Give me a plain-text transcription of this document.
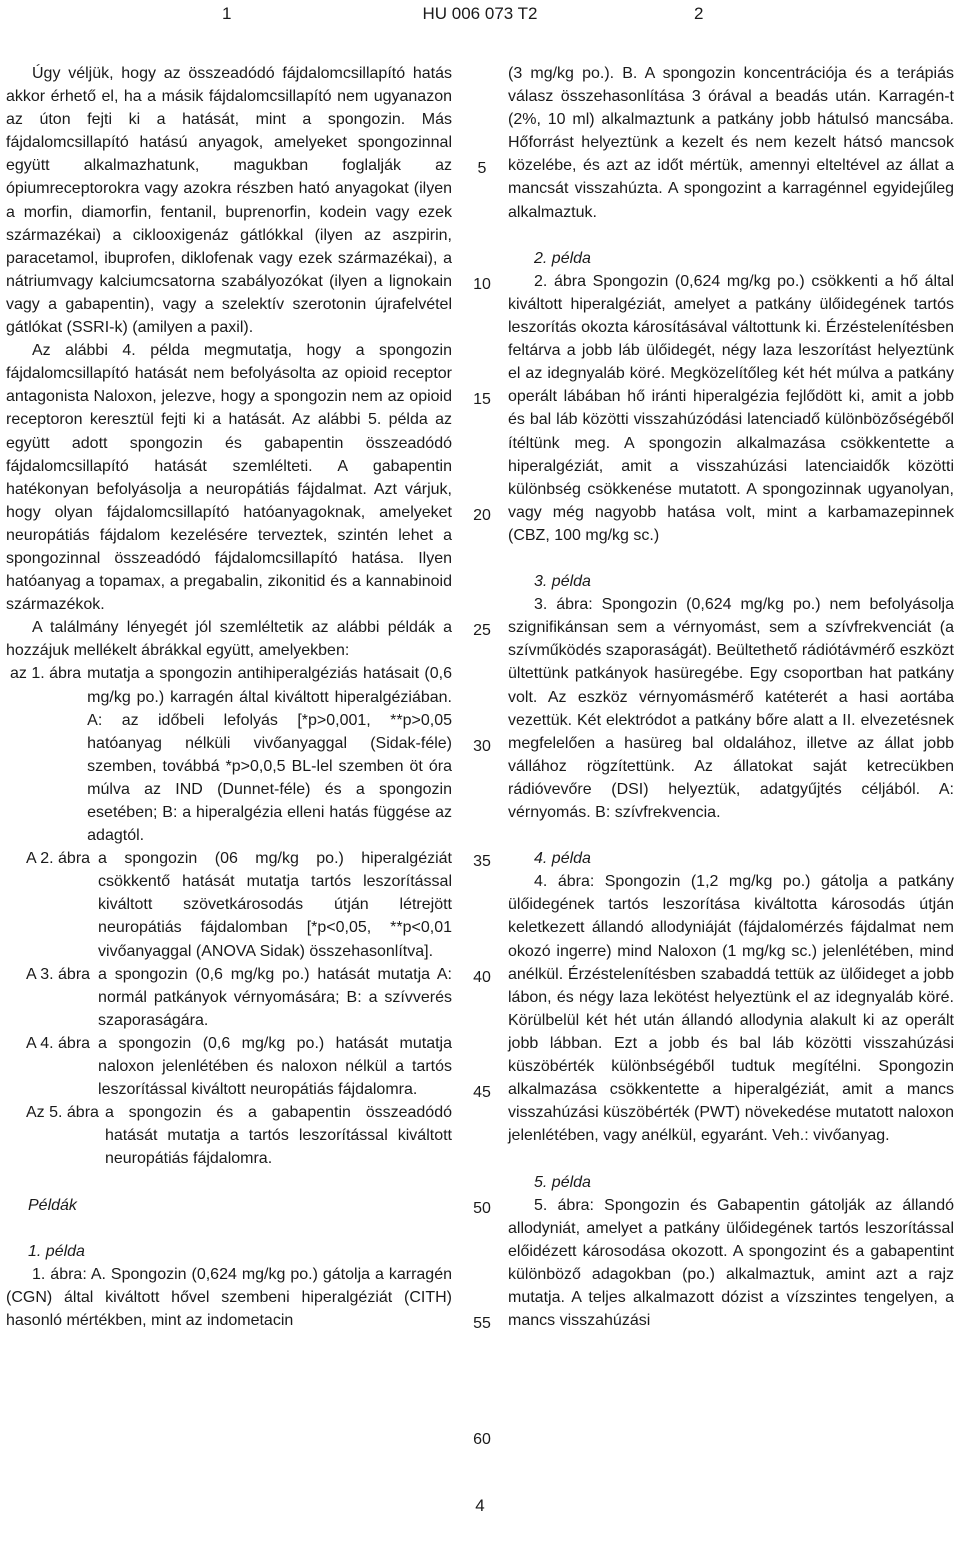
1	HU 006 073 T2	2

Úgy véljük, hogy az összeadódó fájdalomcsillapító hatás akkor érhető el, ha a másik fájdalomcsillapító nem ugyanazon az úton fejti ki a hatását, mint a spongozin. Más fájdalomcsillapító hatású anyagok, amelyeket spongozinnal együtt alkalmazhatunk, magukban foglalják az ópiumreceptorokra vagy azokra részben ható anyagokat (ilyen a morfin, diamorfin, fentanil, buprenorfin, kodein vagy ezek származékai) a ciklooxigenáz gátlókkal (ilyen az aszpirin, paracetamol, ibuprofen, diklofenak vagy ezek származékai), a nátriumvagy kalciumcsatorna szabályozókat (ilyen a lignokain vagy a gabapentin), vagy a szelektív szerotonin újrafelvétel gátlókat (SSRI-k) (amilyen a paxil).

Az alábbi 4. példa megmutatja, hogy a spongozin fájdalomcsillapító hatását nem befolyásolta az opioid receptor antagonista Naloxon, jelezve, hogy a spongozin nem az opioid receptoron keresztül fejti ki a hatását. Az alábbi 5. példa az együtt adott spongozin és gabapentin összeadódó fájdalomcsillapító hatását szemlélteti. A gabapentin hatékonyan befolyásolja a neuropátiás fájdalmat. Azt várjuk, hogy olyan fájdalomcsillapító hatóanyagoknak, amelyeket neuropátiás fájdalom kezelésére terveztek, szintén lehet a spongozinnal összeadódó fájdalomcsillapító hatása. Ilyen hatóanyag a topamax, a pregabalin, zikonitid és a kannabinoid származékok.

A találmány lényegét jól szemléltetik az alábbi példák a hozzájuk mellékelt ábrákkal együtt, amelyekben:

az 1. ábra mutatja a spongozin antihiperalgéziás hatásait (0,6 mg/kg po.) karragén által kiváltott hiperalgéziában. A: az időbeli lefolyás [*p>0,001, **p>0,05 hatóanyag nélküli vivőanyaggal (Sidak-féle) szemben, továbbá *p>0,0,5 BL-lel szemben öt óra múlva az IND (Dunnet-féle) és a spongozin esetében; B: a hiperalgézia elleni hatás függése az adagtól.
A 2. ábra a spongozin (06 mg/kg po.) hiperalgéziát csökkentő hatását mutatja tartós leszorítással kiváltott szövetkárosodás útján létrejött neuropátiás fájdalomban [*p<0,05, **p<0,01 vivőanyaggal (ANOVA Sidak) összehasonlítva].
A 3. ábra a spongozin (0,6 mg/kg po.) hatását mutatja A: normál patkányok vérnyomására; B: a szívverés szaporaságára.
A 4. ábra a spongozin (0,6 mg/kg po.) hatását mutatja naloxon jelenlétében és naloxon nélkül a tartós leszorítással kiváltott neuropátiás fájdalomra.
Az 5. ábra a spongozin és a gabapentin összeadódó hatását mutatja a tartós leszorítással kiváltott neuropátiás fájdalomra.

Példák

1. példa

1. ábra: A. Spongozin (0,624 mg/kg po.) gátolja a karragén (CGN) által kiváltott hővel szembeni hiperalgéziát (CITH) hasonló mértékben, mint az indometacin

(3 mg/kg po.). B. A spongozin koncentrációja és a terápiás válasz összehasonlítása 3 órával a beadás után. Karragén-t (2%, 10 ml) alkalmaztunk a patkány jobb hátulsó mancsába. Hőforrást helyeztünk a kezelt és nem kezelt hátsó mancsok közelébe, és azt az időt mértük, amennyi elteltével az állat a mancsát visszahúzta. A spongozint a karragénnel egyidejűleg alkalmaztuk.

2. példa

2. ábra Spongozin (0,624 mg/kg po.) csökkenti a hő által kiváltott hiperalgéziát, amelyet a patkány ülőidegének tartós leszorítás okozta károsításával váltottunk ki. Érzéstelenítésben feltárva a jobb láb ülőidegét, négy laza leszorítást helyeztünk el az idegnyaláb köré. Megközelítőleg két hét múlva a patkány operált lábában hő iránti hiperalgézia fejlődött ki, amit a jobb és bal láb közötti visszahúzódási latenciadő különbözőségéből ítéltünk meg. A spongozin alkalmazása csökkentette a hiperalgéziát, amit a visszahúzási latenciaidők közötti különbség csökkenése mutatott. A spongozinnak ugyanolyan, vagy még nagyobb hatása volt, mint a karbamazepinnek (CBZ, 100 mg/kg sc.)

3. példa

3. ábra: Spongozin (0,624 mg/kg po.) nem befolyásolja szignifikánsan sem a vérnyomást, sem a szívfrekvenciát (a szívműködés szaporaságát). Beültethető rádiótávmérő eszközt ültettünk patkányok hasüregébe. Egy csoportban hat patkány volt. Az eszköz vérnyomásmérő katéterét a hasi aortába vezettük. Két elektródot a patkány bőre alatt a II. elvezetésnek megfelelően a hasüreg bal oldalához, illetve az állat jobb vállához rögzítettünk. Az állatokat saját ketrecükben rádióvevőre (DSI) helyeztük, adatgyűjtés céljából. A: vérnyomás. B: szívfrekvencia.

4. példa

4. ábra: Spongozin (1,2 mg/kg po.) gátolja a patkány ülőidegének tartós leszorítása kiváltotta károsodás útján keletkezett állandó allodyniáját (fájdalomérzés fájdalmat nem okozó ingerre) mind Naloxon (1 mg/kg sc.) jelenlétében, mind anélkül. Érzéstelenítésben szabaddá tettük az ülőideget a jobb lábon, és négy laza lekötést helyeztünk el az idegnyaláb köré. Körülbelül két hét után állandó allodynia alakult ki az operált jobb lábban. Ezt a jobb és bal láb közötti visszahúzási küszöbérték különbségéből tudtuk megítélni. Spongozin alkalmazása csökkentette a hiperalgéziát, amit a mancs visszahúzási küszöbérték (PWT) növekedése mutatott naloxon jelenlétében, vagy anélkül, egyaránt. Veh.: vivőanyag.

5. példa

5. ábra: Spongozin és Gabapentin gátolják az állandó allodyniát, amelyet a patkány ülőidegének tartós leszorítással előidézett károsodása okozott. A spongozint és a gabapentint különböző adagokban (po.) alkalmaztuk, amint azt a rajz mutatja. A teljes alkalmazott dózist a vízszintes tengelyen, a mancs visszahúzási

5
10
15
20
25
30
35
40
45
50
55
60
4
